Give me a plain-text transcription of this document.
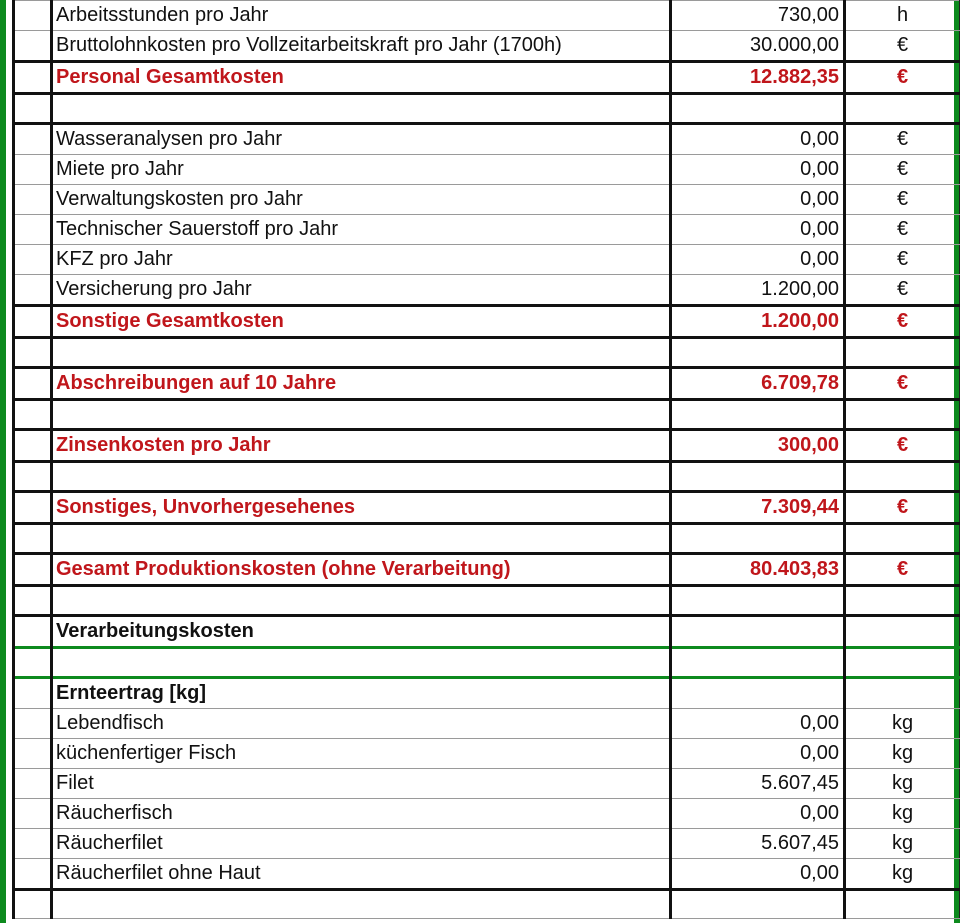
	Arbeitsstunden pro Jahr	730,00	h
	Bruttolohnkosten pro Vollzeitarbeitskraft pro Jahr (1700h)	30.000,00	€
	Personal Gesamtkosten	12.882,35	€

	Wasseranalysen pro Jahr	0,00	€
	Miete pro Jahr	0,00	€
	Verwaltungskosten pro Jahr	0,00	€
	Technischer Sauerstoff pro Jahr	0,00	€
	KFZ pro Jahr	0,00	€
	Versicherung pro Jahr	1.200,00	€
	Sonstige Gesamtkosten	1.200,00	€

	Abschreibungen auf 10 Jahre	6.709,78	€

	Zinsenkosten pro Jahr	300,00	€

	Sonstiges, Unvorhergesehenes	7.309,44	€

	Gesamt Produktionskosten (ohne Verarbeitung)	80.403,83	€

	Verarbeitungskosten		

	Ernteertrag [kg]		
	Lebendfisch	0,00	kg
	küchenfertiger Fisch	0,00	kg
	Filet	5.607,45	kg
	Räucherfisch	0,00	kg
	Räucherfilet	5.607,45	kg
	Räucherfilet ohne Haut	0,00	kg
